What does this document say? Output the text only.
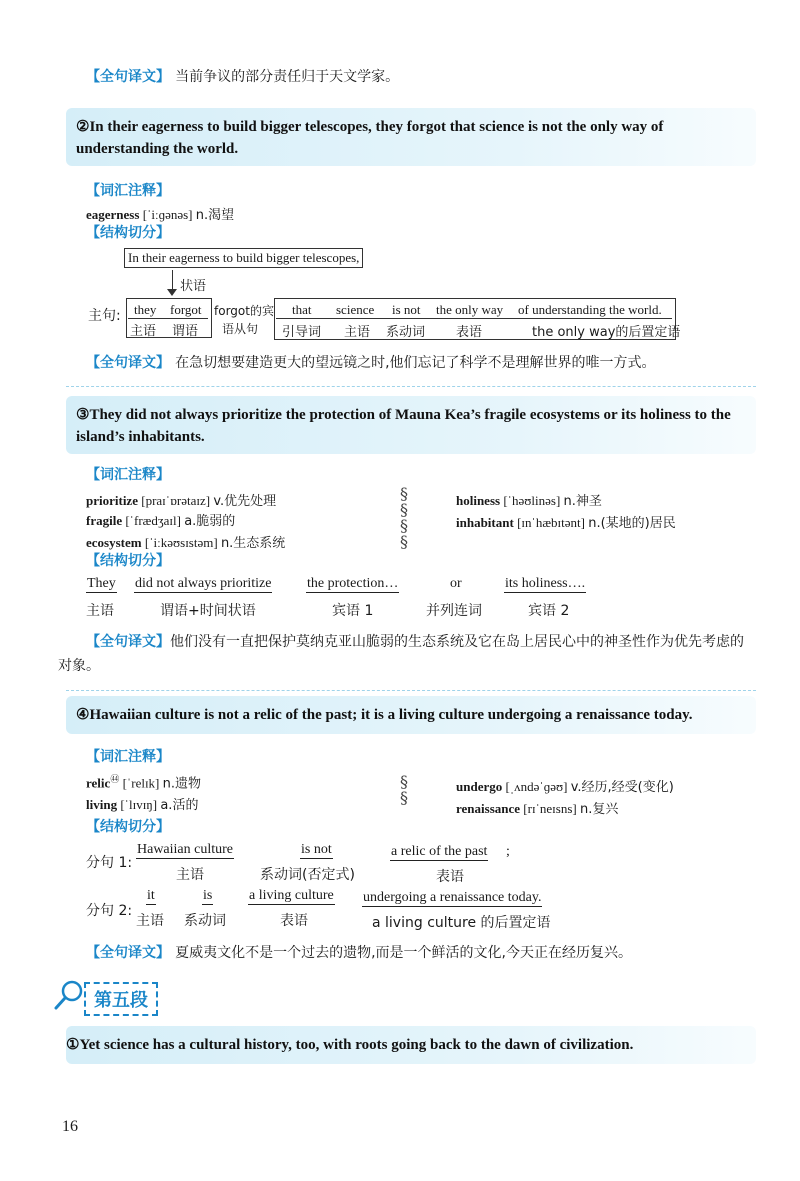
【 全句译文 】 当前争议的部分责任归于天文学家。
②In their eagerness to build bigger telescopes, they forgot that science is not the only way of understanding the world.
【 词汇注释 】
eagerness [ˈiːɡənəs] n.渴望
【 结构切分 】
In their eagerness to build bigger telescopes,
状语
主句: they forgot
主语 谓语
forgot的宾
语从句
that
引导词
science
主语
is not
系动词
the only way
表语
of understanding the world.
the only way的后置定语
【 全句译文 】 在急切想要建造更大的望远镜之时,他们忘记了科学不是理解世界的唯一方式。
③They did not always prioritize the protection of Mauna Kea’s fragile ecosystems or its holiness to the island’s inhabitants.
【 词汇注释 】
prioritize [praɪˈɒrətaɪz] v.优先处理
fragile [ˈfrædʒaɪl] a.脆弱的
ecosystem [ˈiːkəʊsɪstəm] n.生态系统
§
§
§
§
holiness [ˈhəʊlinəs] n.神圣
inhabitant [ɪnˈhæbɪtənt] n.(某地的)居民
【 结构切分 】
They
主语
did not always prioritize
谓语+时间状语
the protection…
宾语 1
or
并列连词
its holiness….
宾语 2
【 全句译文 】 他们没有一直把保护莫纳克亚山脆弱的生态系统及它在岛上居民心中的神圣性作为优先考虑的对象。
④Hawaiian culture is not a relic of the past; it is a living culture undergoing a renaissance today.
【 词汇注释 】
relic$^㊹$ [ˈrelɪk] n.遗物
living [ˈlɪvɪŋ] a.活的
§
§
undergo [ˌʌndəˈɡəʊ] v.经历,经受(变化)
renaissance [rɪˈneɪsns] n.复兴
【 结构切分 】
分句 1:
Hawaiian culture
主语
is not
系动词(否定式)
a relic of the past ;
表语
分句 2:
it
主语
is
系动词
a living culture
表语
undergoing a renaissance today.
a living culture 的后置定语
【 全句译文 】 夏威夷文化不是一个过去的遗物,而是一个鲜活的文化,今天正在经历复兴。
第五段
①Yet science has a cultural history, too, with roots going back to the dawn of civilization.
16
